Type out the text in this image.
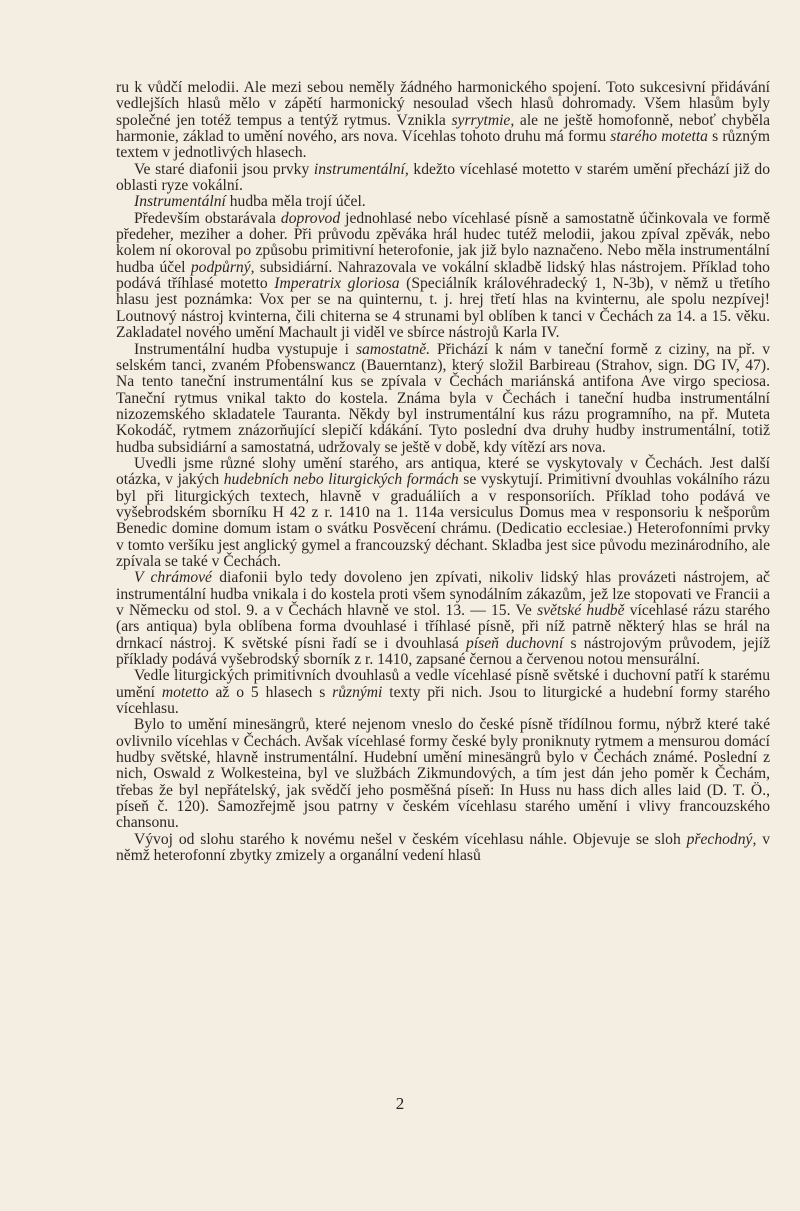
ru k vůdčí melodii. Ale mezi sebou neměly žádného harmonického spojení. Toto sukcesivní přidávání vedlejších hlasů mělo v zápětí harmonický nesoulad všech hlasů dohromady. Všem hlasům byly společné jen totéž tempus a tentýž rytmus. Vznikla syrrytmie, ale ne ještě homofonně, neboť chyběla harmonie, základ to umění nového, ars nova. Vícehlas tohoto druhu má formu starého motetta s různým textem v jednotlivých hlasech.

Ve staré diafonii jsou prvky instrumentální, kdežto vícehlasé motetto v starém umění přechází již do oblasti ryze vokální.

Instrumentální hudba měla trojí účel.

Především obstarávala doprovod jednohlasé nebo vícehlasé písně a samostatně účinkovala ve formě předeher, meziher a doher. Při průvodu zpěváka hrál hudec tutéž melodii, jakou zpíval zpěvák, nebo kolem ní okoroval po způsobu primitivní heterofonie, jak již bylo naznačeno. Nebo měla instrumentální hudba účel podpůrný, subsidiární. Nahrazovala ve vokální skladbě lidský hlas nástrojem. Příklad toho podává tříhlasé motetto Imperatrix gloriosa (Speciálník královéhradecký 1, N-3b), v němž u třetího hlasu jest poznámka: Vox per se na quinternu, t. j. hrej třetí hlas na kvinternu, ale spolu nezpívej! Loutnový nástroj kvinterna, čili chiterna se 4 strunami byl oblíben k tanci v Čechách za 14. a 15. věku. Zakladatel nového umění Machault ji viděl ve sbírce nástrojů Karla IV.

Instrumentální hudba vystupuje i samostatně. Přichází k nám v taneční formě z ciziny, na př. v selském tanci, zvaném Pfobenswancz (Bauerntanz), který složil Barbireau (Strahov, sign. DG IV, 47). Na tento taneční instrumentální kus se zpívala v Čechách mariánská antifona Ave virgo speciosa. Taneční rytmus vnikal takto do kostela. Známa byla v Čechách i taneční hudba instrumentální nizozemského skladatele Tauranta. Někdy byl instrumentální kus rázu programního, na př. Muteta Kokodáč, rytmem znázorňující slepičí kdákání. Tyto poslední dva druhy hudby instrumentální, totiž hudba subsidiární a samostatná, udržovaly se ještě v době, kdy vítězí ars nova.

Uvedli jsme různé slohy umění starého, ars antiqua, které se vyskytovaly v Čechách. Jest další otázka, v jakých hudebních nebo liturgických formách se vyskytují. Primitivní dvouhlas vokálního rázu byl při liturgických textech, hlavně v graduáliích a v responsoriích. Příklad toho podává ve vyšebrodském sborníku H 42 z r. 1410 na 1. 114a versiculus Domus mea v responsoriu k nešporům Benedic domine domum istam o svátku Posvěcení chrámu. (Dedicatio ecclesiae.) Heterofonními prvky v tomto veršíku jest anglický gymel a francouzský déchant. Skladba jest sice původu mezinárodního, ale zpívala se také v Čechách.

V chrámové diafonii bylo tedy dovoleno jen zpívati, nikoliv lidský hlas provázeti nástrojem, ač instrumentální hudba vnikala i do kostela proti všem synodálním zákazům, jež lze stopovati ve Francii a v Německu od stol. 9. a v Čechách hlavně ve stol. 13. — 15. Ve světské hudbě vícehlasé rázu starého (ars antiqua) byla oblíbena forma dvouhlasé i tříhlasé písně, při níž patrně některý hlas se hrál na drnkací nástroj. K světské písni řadí se i dvouhlasá píseň duchovní s nástrojovým průvodem, jejíž příklady podává vyšebrodský sborník z r. 1410, zapsané černou a červenou notou mensurální.

Vedle liturgických primitivních dvouhlasů a vedle vícehlasé písně světské i duchovní patří k starému umění motetto až o 5 hlasech s různými texty při nich. Jsou to liturgické a hudební formy starého vícehlasu.

Bylo to umění minesängrů, které nejenom vneslo do české písně třídílnou formu, nýbrž které také ovlivnilo vícehlas v Čechách. Avšak vícehlasé formy české byly proniknuty rytmem a mensurou domácí hudby světské, hlavně instrumentální. Hudební umění minesängrů bylo v Čechách známé. Poslední z nich, Oswald z Wolkesteina, byl ve službách Zikmundových, a tím jest dán jeho poměr k Čechám, třebas že byl nepřátelský, jak svědčí jeho posměšná píseň: In Huss nu hass dich alles laid (D. T. Ö., píseň č. 120). Samozřejmě jsou patrny v českém vícehlasu starého umění i vlivy francouzského chansonu.

Vývoj od slohu starého k novému nešel v českém vícehlasu náhle. Objevuje se sloh přechodný, v němž heterofonní zbytky zmizely a organální vedení hlasů

2
